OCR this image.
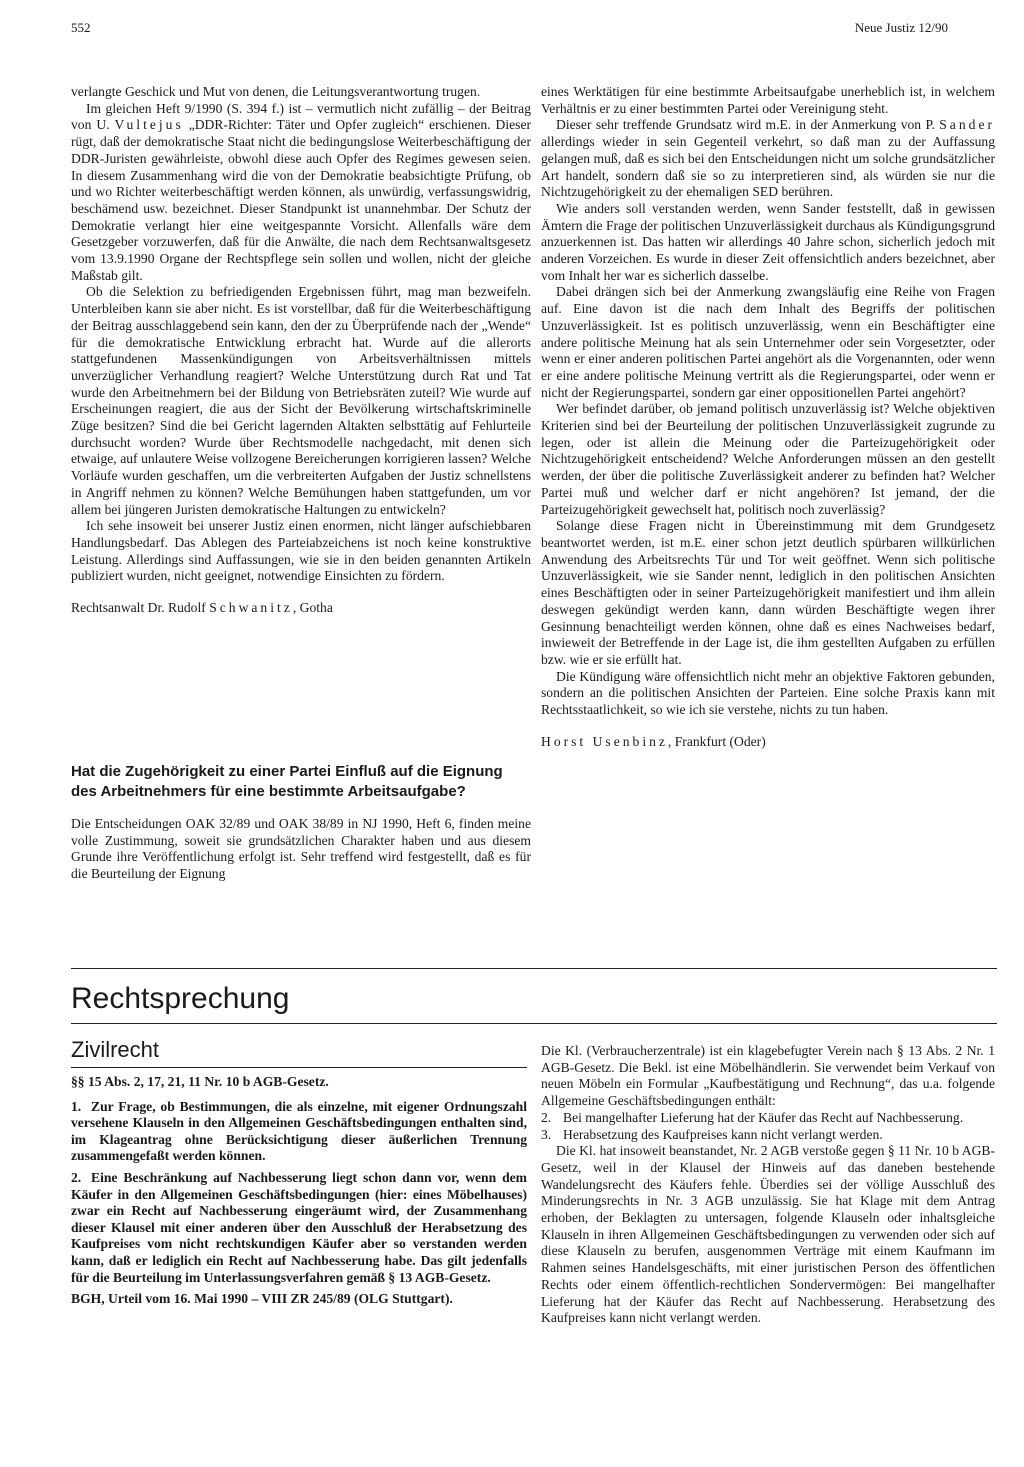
552	Neue Justiz 12/90

verlangte Geschick und Mut von denen, die Leitungsverantwortung trugen.

Im gleichen Heft 9/1990 (S. 394 f.) ist – vermutlich nicht zufällig – der Beitrag von U. Vultejus „DDR-Richter: Täter und Opfer zugleich“ erschienen. Dieser rügt, daß der demokratische Staat nicht die bedingungslose Weiterbeschäftigung der DDR-Juristen gewährleiste, obwohl diese auch Opfer des Regimes gewesen seien. In diesem Zusammenhang wird die von der Demokratie beabsichtigte Prüfung, ob und wo Richter weiterbeschäftigt werden können, als unwürdig, verfassungswidrig, beschämend usw. bezeichnet. Dieser Standpunkt ist unannehmbar. Der Schutz der Demokratie verlangt hier eine weitgespannte Vorsicht. Allenfalls wäre dem Gesetzgeber vorzuwerfen, daß für die Anwälte, die nach dem Rechtsanwaltsgesetz vom 13.9.1990 Organe der Rechtspflege sein sollen und wollen, nicht der gleiche Maßstab gilt.

Ob die Selektion zu befriedigenden Ergebnissen führt, mag man bezweifeln. Unterbleiben kann sie aber nicht. Es ist vorstellbar, daß für die Weiterbeschäftigung der Beitrag ausschlaggebend sein kann, den der zu Überprüfende nach der „Wende“ für die demokratische Entwicklung erbracht hat. Wurde auf die allerorts stattgefundenen Massenkündigungen von Arbeitsverhältnissen mittels unverzüglicher Verhandlung reagiert? Welche Unterstützung durch Rat und Tat wurde den Arbeitnehmern bei der Bildung von Betriebsräten zuteil? Wie wurde auf Erscheinungen reagiert, die aus der Sicht der Bevölkerung wirtschaftskriminelle Züge besitzen? Sind die bei Gericht lagernden Altakten selbsttätig auf Fehlurteile durchsucht worden? Wurde über Rechtsmodelle nachgedacht, mit denen sich etwaige, auf unlautere Weise vollzogene Bereicherungen korrigieren lassen? Welche Vorläufe wurden geschaffen, um die verbreiterten Aufgaben der Justiz schnellstens in Angriff nehmen zu können? Welche Bemühungen haben stattgefunden, um vor allem bei jüngeren Juristen demokratische Haltungen zu entwickeln?

Ich sehe insoweit bei unserer Justiz einen enormen, nicht länger aufschiebbaren Handlungsbedarf. Das Ablegen des Parteiabzeichens ist noch keine konstruktive Leistung. Allerdings sind Auffassungen, wie sie in den beiden genannten Artikeln publiziert wurden, nicht geeignet, notwendige Einsichten zu fördern.

Rechtsanwalt Dr. Rudolf Schwanitz, Gotha

Hat die Zugehörigkeit zu einer Partei Einfluß auf die Eignung des Arbeitnehmers für eine bestimmte Arbeitsaufgabe?

Die Entscheidungen OAK 32/89 und OAK 38/89 in NJ 1990, Heft 6, finden meine volle Zustimmung, soweit sie grundsätzlichen Charakter haben und aus diesem Grunde ihre Veröffentlichung erfolgt ist. Sehr treffend wird festgestellt, daß es für die Beurteilung der Eignung

eines Werktätigen für eine bestimmte Arbeitsaufgabe unerheblich ist, in welchem Verhältnis er zu einer bestimmten Partei oder Vereinigung steht.

Dieser sehr treffende Grundsatz wird m.E. in der Anmerkung von P. Sander allerdings wieder in sein Gegenteil verkehrt, so daß man zu der Auffassung gelangen muß, daß es sich bei den Entscheidungen nicht um solche grundsätzlicher Art handelt, sondern daß sie so zu interpretieren sind, als würden sie nur die Nichtzugehörigkeit zu der ehemaligen SED berühren.

Wie anders soll verstanden werden, wenn Sander feststellt, daß in gewissen Ämtern die Frage der politischen Unzuverlässigkeit durchaus als Kündigungsgrund anzuerkennen ist. Das hatten wir allerdings 40 Jahre schon, sicherlich jedoch mit anderen Vorzeichen. Es wurde in dieser Zeit offensichtlich anders bezeichnet, aber vom Inhalt her war es sicherlich dasselbe.

Dabei drängen sich bei der Anmerkung zwangsläufig eine Reihe von Fragen auf. Eine davon ist die nach dem Inhalt des Begriffs der politischen Unzuverlässigkeit. Ist es politisch unzuverlässig, wenn ein Beschäftigter eine andere politische Meinung hat als sein Unternehmer oder sein Vorgesetzter, oder wenn er einer anderen politischen Partei angehört als die Vorgenannten, oder wenn er eine andere politische Meinung vertritt als die Regierungspartei, oder wenn er nicht der Regierungspartei, sondern gar einer oppositionellen Partei angehört?

Wer befindet darüber, ob jemand politisch unzuverlässig ist? Welche objektiven Kriterien sind bei der Beurteilung der politischen Unzuverlässigkeit zugrunde zu legen, oder ist allein die Meinung oder die Parteizugehörigkeit oder Nichtzugehörigkeit entscheidend? Welche Anforderungen müssen an den gestellt werden, der über die politische Zuverlässigkeit anderer zu befinden hat? Welcher Partei muß und welcher darf er nicht angehören? Ist jemand, der die Parteizugehörigkeit gewechselt hat, politisch noch zuverlässig?

Solange diese Fragen nicht in Übereinstimmung mit dem Grundgesetz beantwortet werden, ist m.E. einer schon jetzt deutlich spürbaren willkürlichen Anwendung des Arbeitsrechts Tür und Tor weit geöffnet. Wenn sich politische Unzuverlässigkeit, wie sie Sander nennt, lediglich in den politischen Ansichten eines Beschäftigten oder in seiner Parteizugehörigkeit manifestiert und ihm allein deswegen gekündigt werden kann, dann würden Beschäftigte wegen ihrer Gesinnung benachteiligt werden können, ohne daß es eines Nachweises bedarf, inwieweit der Betreffende in der Lage ist, die ihm gestellten Aufgaben zu erfüllen bzw. wie er sie erfüllt hat.

Die Kündigung wäre offensichtlich nicht mehr an objektive Faktoren gebunden, sondern an die politischen Ansichten der Parteien. Eine solche Praxis kann mit Rechtsstaatlichkeit, so wie ich sie verstehe, nichts zu tun haben.

Horst Usenbinz, Frankfurt (Oder)

Rechtsprechung
Zivilrecht

§§ 15 Abs. 2, 17, 21, 11 Nr. 10 b AGB-Gesetz.

1. Zur Frage, ob Bestimmungen, die als einzelne, mit eigener Ordnungszahl versehene Klauseln in den Allgemeinen Geschäftsbedingungen enthalten sind, im Klageantrag ohne Berücksichtigung dieser äußerlichen Trennung zusammengefaßt werden können.

2. Eine Beschränkung auf Nachbesserung liegt schon dann vor, wenn dem Käufer in den Allgemeinen Geschäftsbedingungen (hier: eines Möbelhauses) zwar ein Recht auf Nachbesserung eingeräumt wird, der Zusammenhang dieser Klausel mit einer anderen über den Ausschluß der Herabsetzung des Kaufpreises vom nicht rechtskundigen Käufer aber so verstanden werden kann, daß er lediglich ein Recht auf Nachbesserung habe. Das gilt jedenfalls für die Beurteilung im Unterlassungsverfahren gemäß § 13 AGB-Gesetz.

BGH, Urteil vom 16. Mai 1990 – VIII ZR 245/89 (OLG Stuttgart).

Die Kl. (Verbraucherzentrale) ist ein klagebefugter Verein nach § 13 Abs. 2 Nr. 1 AGB-Gesetz. Die Bekl. ist eine Möbelhändlerin. Sie verwendet beim Verkauf von neuen Möbeln ein Formular „Kaufbestätigung und Rechnung“, das u.a. folgende Allgemeine Geschäftsbedingungen enthält:

2. Bei mangelhafter Lieferung hat der Käufer das Recht auf Nachbesserung.
3. Herabsetzung des Kaufpreises kann nicht verlangt werden.

Die Kl. hat insoweit beanstandet, Nr. 2 AGB verstoße gegen § 11 Nr. 10 b AGB-Gesetz, weil in der Klausel der Hinweis auf das daneben bestehende Wandelungsrecht des Käufers fehle. Überdies sei der völlige Ausschluß des Minderungsrechts in Nr. 3 AGB unzulässig. Sie hat Klage mit dem Antrag erhoben, der Beklagten zu untersagen, folgende Klauseln oder inhaltsgleiche Klauseln in ihren Allgemeinen Geschäftsbedingungen zu verwenden oder sich auf diese Klauseln zu berufen, ausgenommen Verträge mit einem Kaufmann im Rahmen seines Handelsgeschäfts, mit einer juristischen Person des öffentlichen Rechts oder einem öffentlich-rechtlichen Sondervermögen: Bei mangelhafter Lieferung hat der Käufer das Recht auf Nachbesserung. Herabsetzung des Kaufpreises kann nicht verlangt werden.
